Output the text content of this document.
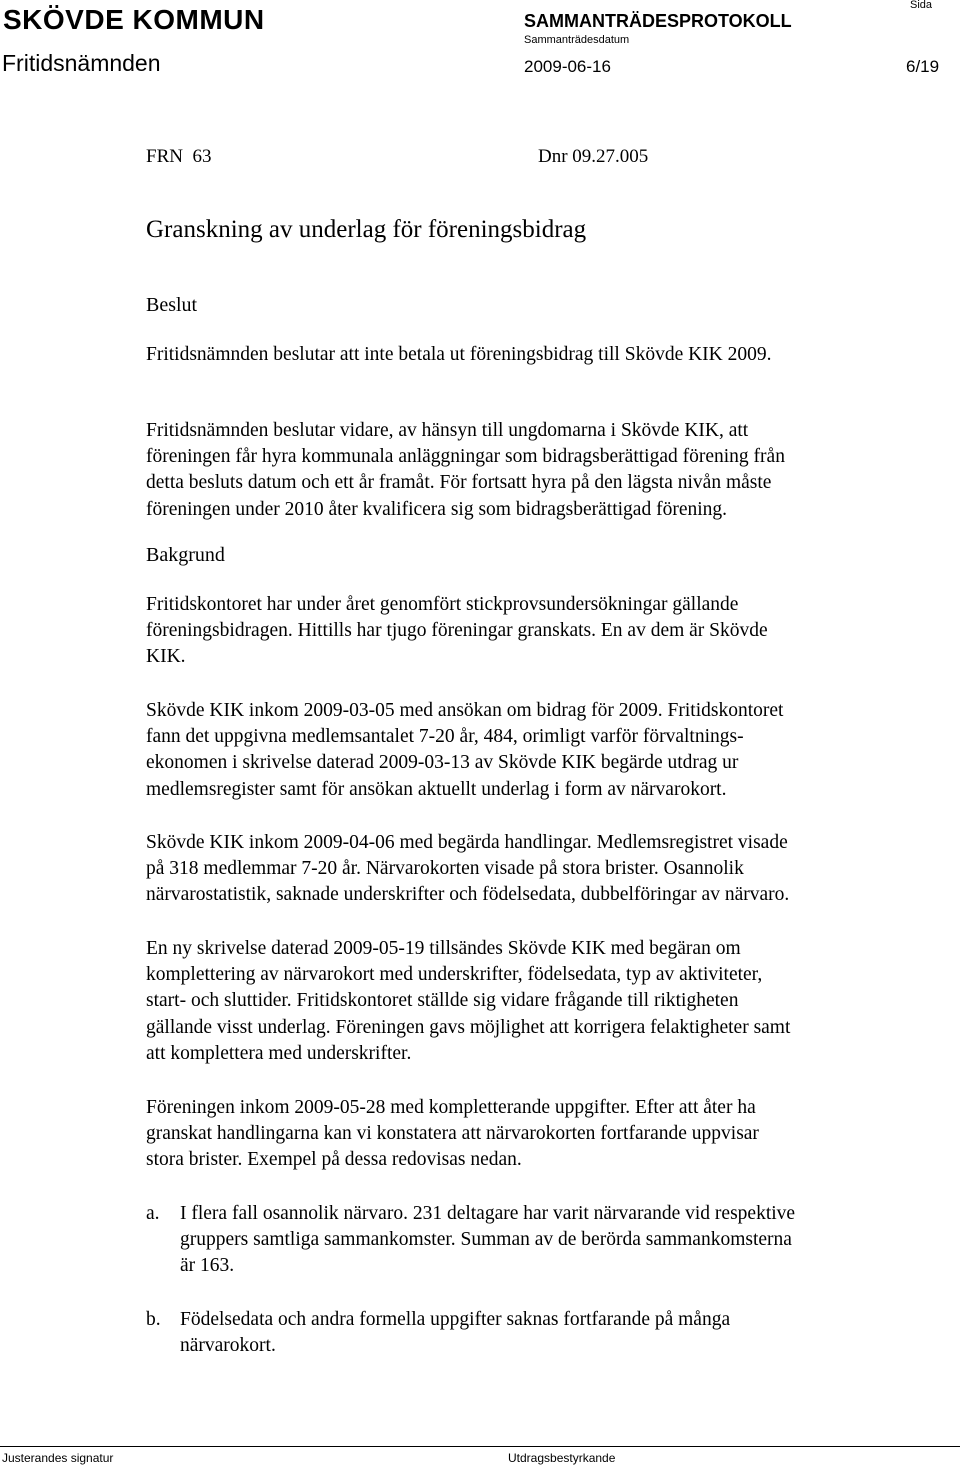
SKÖVDE KOMMUN	SAMMANTRÄDESPROTOKOLL
Sida
Sammanträdesdatum
Fritidsnämnden	2009-06-16	6/19
FRN  63	Dnr 09.27.005
Granskning av underlag för föreningsbidrag
Beslut
Fritidsnämnden beslutar att inte betala ut föreningsbidrag till Skövde KIK 2009.
Fritidsnämnden beslutar vidare, av hänsyn till ungdomarna i Skövde KIK, att
föreningen får hyra kommunala anläggningar som bidragsberättigad förening från
detta besluts datum och ett år framåt. För fortsatt hyra på den lägsta nivån måste
föreningen under 2010 åter kvalificera sig som bidragsberättigad förening.
Bakgrund
Fritidskontoret har under året genomfört stickprovsundersökningar gällande
föreningsbidragen. Hittills har tjugo föreningar granskats. En av dem är Skövde
KIK.
Skövde KIK inkom 2009-03-05 med ansökan om bidrag för 2009. Fritidskontoret
fann det uppgivna medlemsantalet 7-20 år, 484, orimligt varför förvaltnings-
ekonomen i skrivelse daterad 2009-03-13 av Skövde KIK begärde utdrag ur
medlemsregister samt för ansökan aktuellt underlag i form av närvarokort.
Skövde KIK inkom 2009-04-06 med begärda handlingar. Medlemsregistret visade
på 318 medlemmar 7-20 år. Närvarokorten visade på stora brister. Osannolik
närvarostatistik, saknade underskrifter och födelsedata, dubbelföringar av närvaro.
En ny skrivelse daterad 2009-05-19 tillsändes Skövde KIK med begäran om
komplettering av närvarokort med underskrifter, födelsedata, typ av aktiviteter,
start- och sluttider. Fritidskontoret ställde sig vidare frågande till riktigheten
gällande visst underlag. Föreningen gavs möjlighet att korrigera felaktigheter samt
att komplettera med underskrifter.
Föreningen inkom 2009-05-28 med kompletterande uppgifter. Efter att åter ha
granskat handlingarna kan vi konstatera att närvarokorten fortfarande uppvisar
stora brister. Exempel på dessa redovisas nedan.
a. I flera fall osannolik närvaro. 231 deltagare har varit närvarande vid respektive
gruppers samtliga sammankomster. Summan av de berörda sammankomsterna
är 163.
b. Födelsedata och andra formella uppgifter saknas fortfarande på många
närvarokort.
Justerandes signatur	Utdragsbestyrkande
